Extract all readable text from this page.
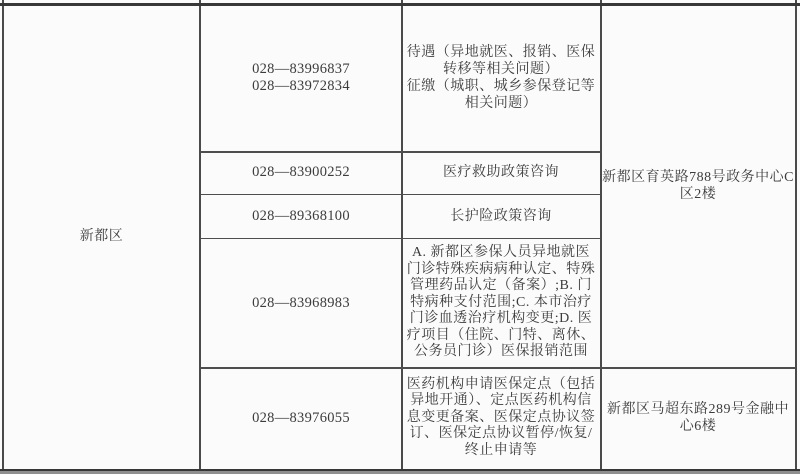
新都区
028—83996837
028—83972834
待遇（异地就医、报销、医保转移等相关问题）
征缴（城职、城乡参保登记等相关问题）
028—83900252	医疗救助政策咨询
028—89368100	长护险政策咨询
028—83968983
A. 新都区参保人员异地就医门诊特殊疾病病种认定、特殊管理药品认定（备案）;B. 门特病种支付范围;C. 本市治疗门诊血透治疗机构变更;D. 医疗项目（住院、门特、离休、公务员门诊）医保报销范围
028—83976055
医药机构申请医保定点（包括异地开通）、定点医药机构信息变更备案、医保定点协议签订、医保定点协议暂停/恢复/终止申请等
新都区育英路788号政务中心C区2楼
新都区马超东路289号金融中心6楼
